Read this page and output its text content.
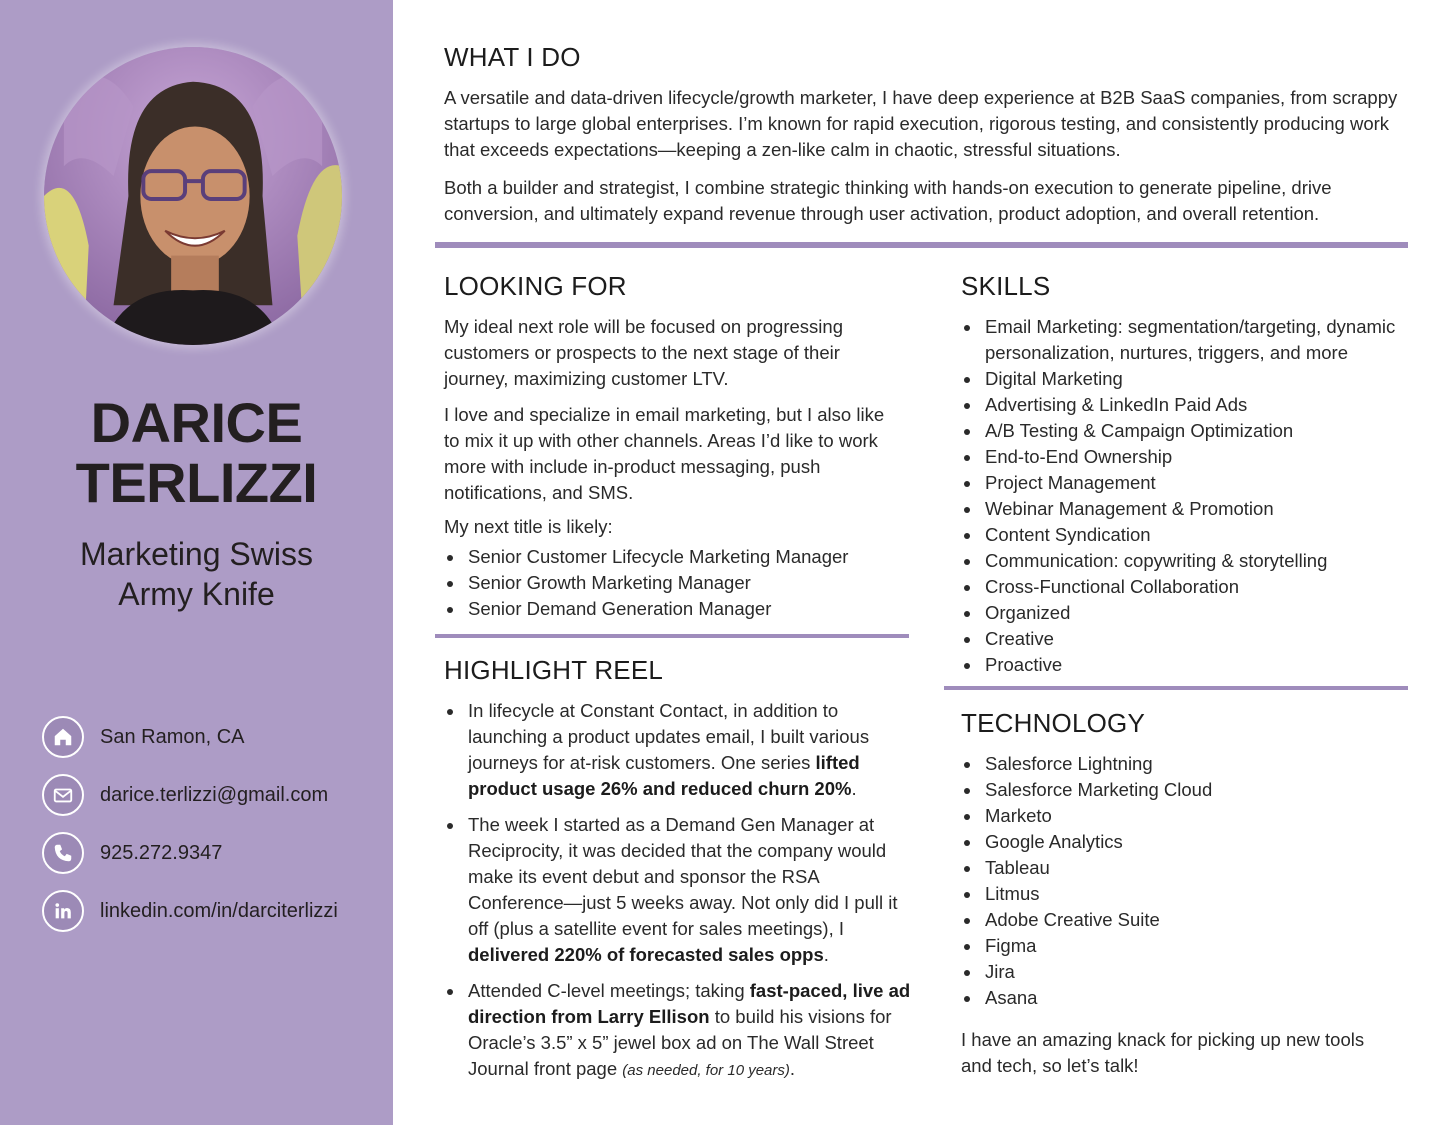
DARICE
TERLIZZI
Marketing Swiss
Army Knife
San Ramon, CA
darice.terlizzi@gmail.com
925.272.9347
linkedin.com/in/darciterlizzi
WHAT I DO

A versatile and data-driven lifecycle/growth marketer, I have deep experience at B2B SaaS companies, from scrappy startups to large global enterprises. I’m known for rapid execution, rigorous testing, and consistently producing work that exceeds expectations—keeping a zen-like calm in chaotic, stressful situations.

Both a builder and strategist, I combine strategic thinking with hands-on execution to generate pipeline, drive conversion, and ultimately expand revenue through user activation, product adoption, and overall retention.

LOOKING FOR

My ideal next role will be focused on progressing customers or prospects to the next stage of their journey, maximizing customer LTV.

I love and specialize in email marketing, but I also like to mix it up with other channels. Areas I’d like to work more with include in-product messaging, push notifications, and SMS.

My next title is likely:

Senior Customer Lifecycle Marketing Manager
Senior Growth Marketing Manager
Senior Demand Generation Manager
HIGHLIGHT REEL
In lifecycle at Constant Contact, in addition to launching a product updates email, I built various journeys for at-risk customers. One series lifted product usage 26% and reduced churn 20%.
The week I started as a Demand Gen Manager at Reciprocity, it was decided that the company would make its event debut and sponsor the RSA Conference—just 5 weeks away. Not only did I pull it off (plus a satellite event for sales meetings), I delivered 220% of forecasted sales opps.
Attended C-level meetings; taking fast-paced, live ad direction from Larry Ellison to build his visions for Oracle’s 3.5” x 5” jewel box ad on The Wall Street Journal front page (as needed, for 10 years).
SKILLS
Email Marketing: segmentation/targeting, dynamic personalization, nurtures, triggers, and more
Digital Marketing
Advertising & LinkedIn Paid Ads
A/B Testing & Campaign Optimization
End-to-End Ownership
Project Management
Webinar Management & Promotion
Content Syndication
Communication: copywriting & storytelling
Cross-Functional Collaboration
Organized
Creative
Proactive
TECHNOLOGY
Salesforce Lightning
Salesforce Marketing Cloud
Marketo
Google Analytics
Tableau
Litmus
Adobe Creative Suite
Figma
Jira
Asana

I have an amazing knack for picking up new tools and tech, so let’s talk!
